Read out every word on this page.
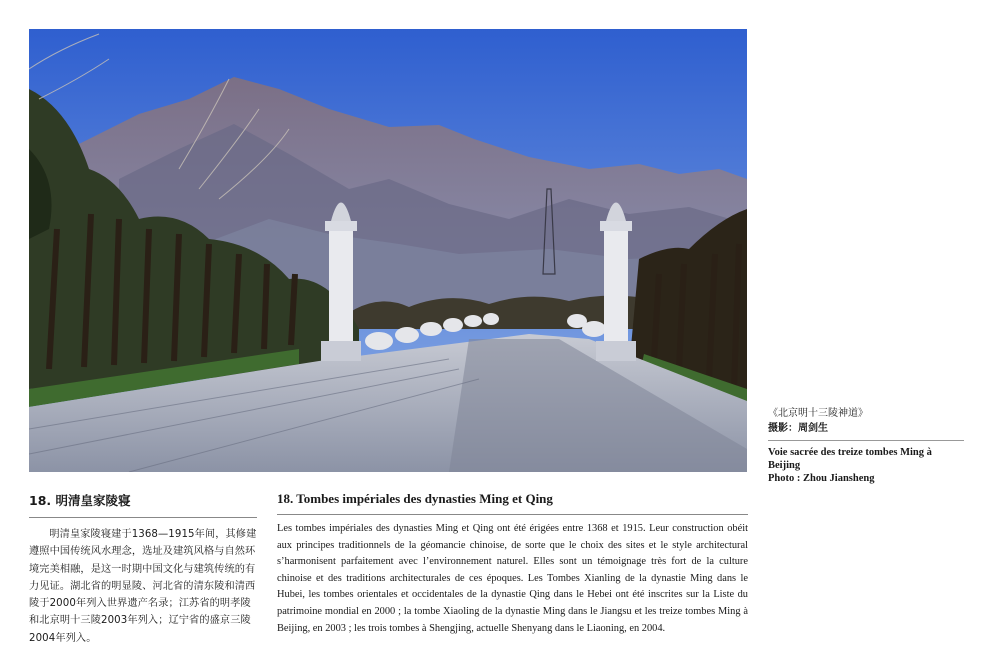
《北京明十三陵神道》
摄影：周剑生
Voie sacrée des treize tombes Ming à Beijing
Photo : Zhou Jiansheng
18. 明清皇家陵寝

明清皇家陵寝建于1368—1915年间，其修建遵照中国传统风水理念，选址及建筑风格与自然环境完美相融，是这一时期中国文化与建筑传统的有力见证。湖北省的明显陵、河北省的清东陵和清西陵于2000年列入世界遗产名录；江苏省的明孝陵和北京明十三陵2003年列入；辽宁省的盛京三陵2004年列入。

18. Tombes impériales des dynasties Ming et Qing

Les tombes impériales des dynasties Ming et Qing ont été érigées entre 1368 et 1915. Leur construction obéit aux principes traditionnels de la géomancie chinoise, de sorte que le choix des sites et le style architectural s’harmonisent parfaitement avec l’environnement naturel. Elles sont un témoignage très fort de la culture chinoise et des traditions architecturales de ces époques. Les Tombes Xianling de la dynastie Ming dans le Hubei, les tombes orientales et occidentales de la dynastie Qing dans le Hebei ont été inscrites sur la Liste du patrimoine mondial en 2000 ; la tombe Xiaoling de la dynastie Ming dans le Jiangsu et les treize tombes Ming à Beijing, en 2003 ; les trois tombes à Shengjing, actuelle Shenyang dans le Liaoning, en 2004.
